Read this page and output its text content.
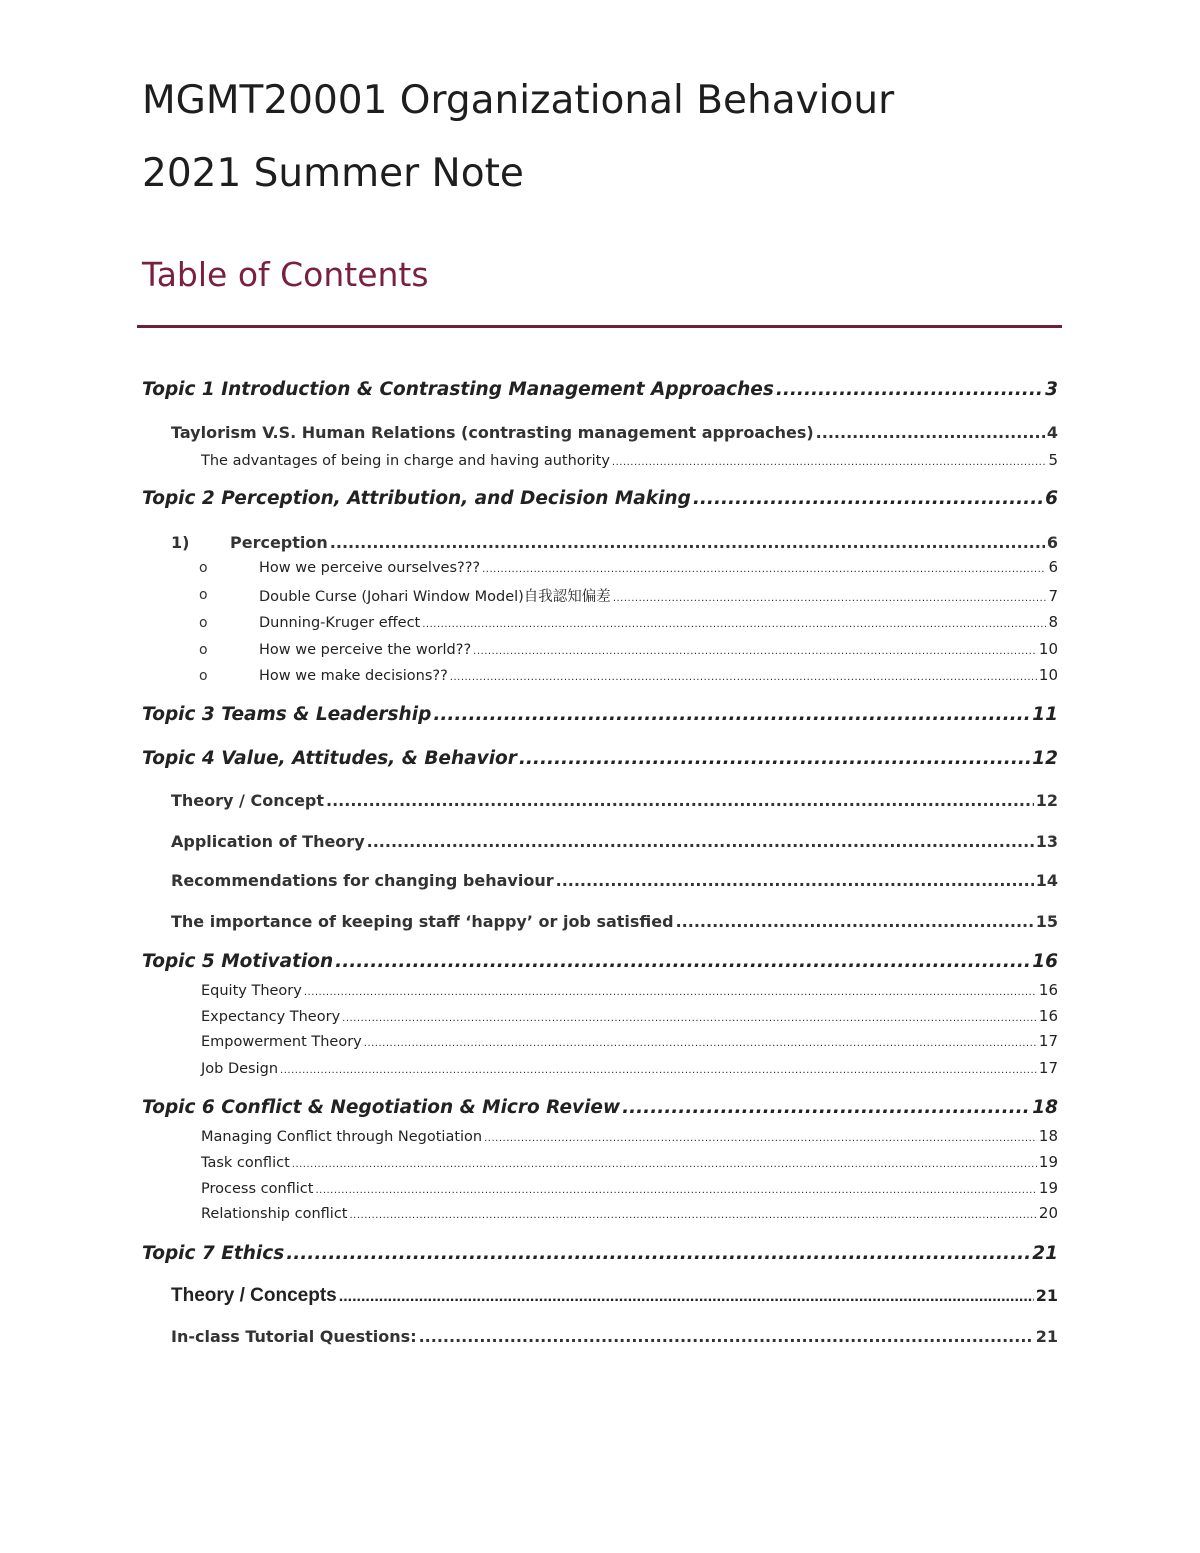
MGMT20001 Organizational Behaviour
2021 Summer Note
Table of Contents
Topic 1 Introduction & Contrasting Management Approaches .....	3
Taylorism V.S. Human Relations (contrasting management approaches) .....	4
The advantages of being in charge and having authority .....	5
Topic 2 Perception, Attribution, and Decision Making .....	6
1)	Perception .....	6
o	How we perceive ourselves??? .....	6
o	Double Curse (Johari Window Model)自我認知偏差 .....	7
o	Dunning-Kruger effect .....	8
o	How we perceive the world?? .....	10
o	How we make decisions?? .....	10
Topic 3 Teams & Leadership .....	11
Topic 4 Value, Attitudes, & Behavior .....	12
Theory / Concept .....	12
Application of Theory .....	13
Recommendations for changing behaviour .....	14
The importance of keeping staff ‘happy’ or job satisfied .....	15
Topic 5 Motivation .....	16
Equity Theory .....	16
Expectancy Theory .....	16
Empowerment Theory .....	17
Job Design .....	17
Topic 6 Conflict & Negotiation & Micro Review .....	18
Managing Conflict through Negotiation .....	18
Task conflict .....	19
Process conflict .....	19
Relationship conflict .....	20
Topic 7 Ethics .....	21
Theory / Concepts .....	21
In-class Tutorial Questions: .....	21
